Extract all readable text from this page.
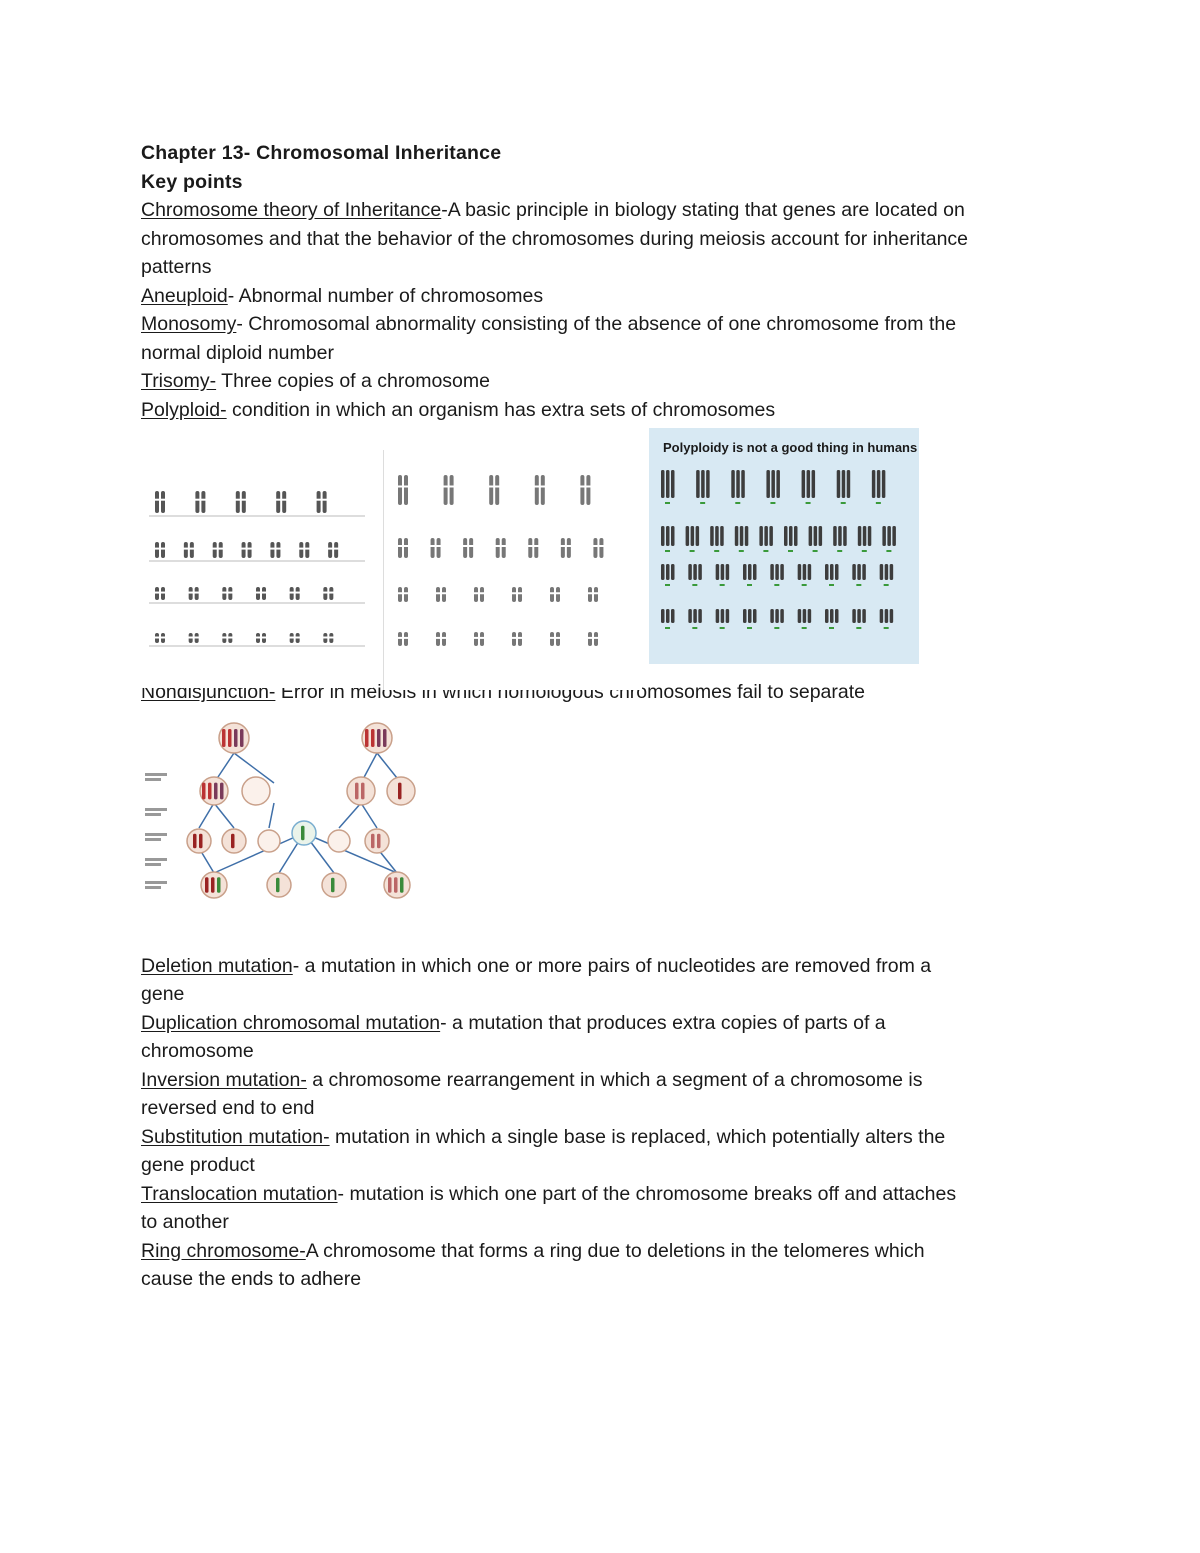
Chapter 13- Chromosomal Inheritance
Key points
Chromosome theory of Inheritance-A basic principle in biology stating that genes are located on
chromosomes and that the behavior of the chromosomes during meiosis account for inheritance
patterns
Aneuploid- Abnormal number of chromosomes
Monosomy- Chromosomal abnormality consisting of the absence of one chromosome from the
normal diploid number
Trisomy- Three copies of a chromosome
Polyploid- condition in which an organism has extra sets of chromosomes
Polyploidy is not a good thing in humans
Nondisjunction- Error in meiosis in which homologous chromosomes fail to separate
Deletion mutation- a mutation in which one or more pairs of nucleotides are removed from a
gene
Duplication chromosomal mutation- a mutation that produces extra copies of parts of a
chromosome
Inversion mutation- a chromosome rearrangement in which a segment of a chromosome is
reversed end to end
Substitution mutation- mutation in which a single base is replaced, which potentially alters the
gene product
Translocation mutation- mutation is which one part of the chromosome breaks off and attaches
to another
Ring chromosome-A chromosome that forms a ring due to deletions in the telomeres which
cause the ends to adhere
